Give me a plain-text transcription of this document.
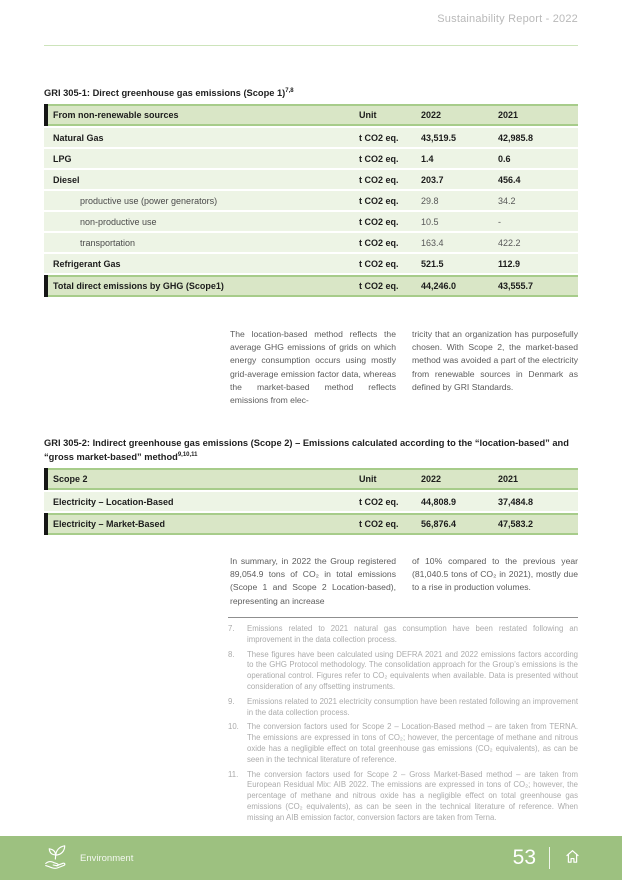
Sustainability Report - 2022
GRI 305-1: Direct greenhouse gas emissions (Scope 1)$^{7,8}$
From non-renewable sources	Unit	2022	2021
Natural Gas	t CO2 eq.	43,519.5	42,985.8
LPG	t CO2 eq.	1.4	0.6
Diesel	t CO2 eq.	203.7	456.4
productive use (power generators)	t CO2 eq.	29.8	34.2
non-productive use	t CO2 eq.	10.5	-
transportation	t CO2 eq.	163.4	422.2
Refrigerant Gas	t CO2 eq.	521.5	112.9
Total direct emissions by GHG (Scope1)	t CO2 eq.	44,246.0	43,555.7
The location-based method reflects the average GHG emissions of grids on which energy consumption occurs using mostly grid-average emission factor data, whereas the market-based method reflects emissions from elec-
tricity that an organization has purposefully chosen. With Scope 2, the market-based method was avoided a part of the electricity from renewable sources in Denmark as defined by GRI Standards.
GRI 305-2: Indirect greenhouse gas emissions (Scope 2) – Emissions calculated according to the “location-based” and “gross market-based” method$^{9,10,11}$
Scope 2	Unit	2022	2021
Electricity – Location-Based	t CO2 eq.	44,808.9	37,484.8
Electricity – Market-Based	t CO2 eq.	56,876.4	47,583.2
In summary, in 2022 the Group registered 89,054.9 tons of CO₂ in total emissions (Scope 1 and Scope 2 Location-based), representing an increase
of 10% compared to the previous year (81,040.5 tons of CO₂ in 2021), mostly due to a rise in production volumes.
7.	Emissions related to 2021 natural gas consumption have been restated following an improvement in the data collection process.
8.	These figures have been calculated using DEFRA 2021 and 2022 emissions factors according to the GHG Protocol methodology. The consolidation approach for the Group’s emissions is the operational control. Figures refer to CO₂ equivalents when available. Data is presented without consideration of any offsetting instruments.
9.	Emissions related to 2021 electricity consumption have been restated following an improvement in the data collection process.
10.	The conversion factors used for Scope 2 – Location-Based method – are taken from TERNA. The emissions are expressed in tons of CO₂; however, the percentage of methane and nitrous oxide has a negligible effect on total greenhouse gas emissions (CO₂ equivalents), as can be seen in the technical literature of reference.
11.	The conversion factors used for Scope 2 – Gross Market-Based method – are taken from European Residual Mix: AIB 2022. The emissions are expressed in tons of CO₂; however, the percentage of methane and nitrous oxide has a negligible effect on total greenhouse gas emissions (CO₂ equivalents), as can be seen in the technical literature of reference. When missing an AIB emission factor, conversion factors are taken from Terna.
Environment	53
